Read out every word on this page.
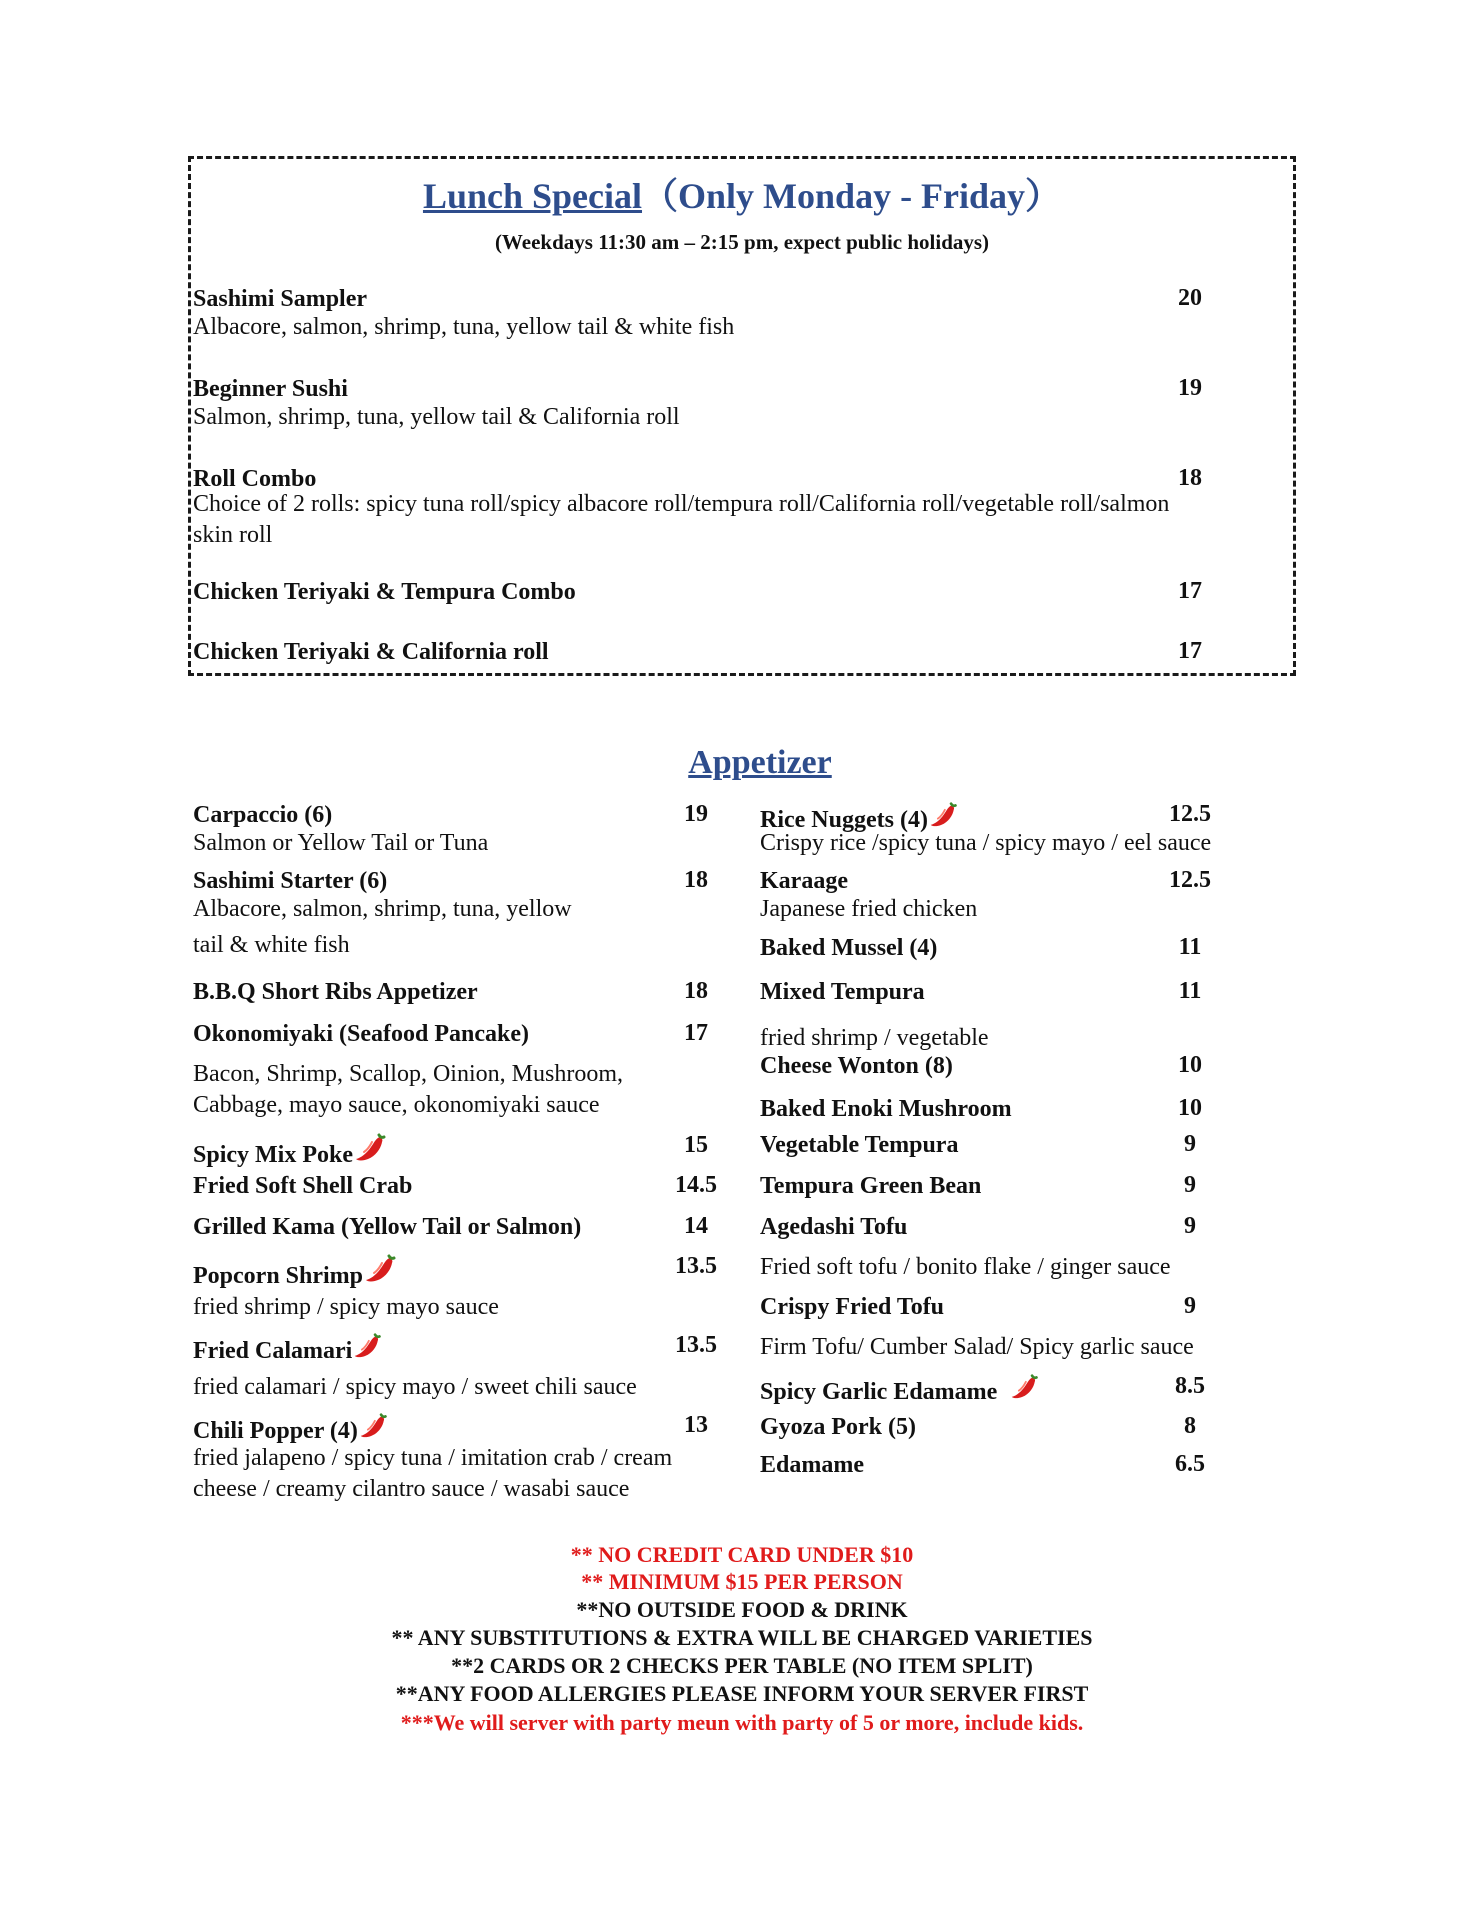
Lunch Special（Only Monday - Friday）
(Weekdays 11:30 am – 2:15 pm, expect public holidays)
Sashimi Sampler	20
Albacore, salmon, shrimp, tuna, yellow tail & white fish
Beginner Sushi	19
Salmon, shrimp, tuna, yellow tail & California roll
Roll Combo	18
Choice of 2 rolls: spicy tuna roll/spicy albacore roll/tempura roll/California roll/vegetable roll/salmon
skin roll
Chicken Teriyaki & Tempura Combo	17
Chicken Teriyaki & California roll	17
Appetizer
Carpaccio (6)	19
Salmon or Yellow Tail or Tuna
Sashimi Starter (6)	18
Albacore, salmon, shrimp, tuna, yellow
tail & white fish
B.B.Q Short Ribs Appetizer	18
Okonomiyaki (Seafood Pancake)	17
Bacon, Shrimp, Scallop, Oinion, Mushroom,
Cabbage, mayo sauce, okonomiyaki sauce
Spicy Mix Poke	15
Fried Soft Shell Crab	14.5
Grilled Kama (Yellow Tail or Salmon)	14
Popcorn Shrimp	13.5
fried shrimp / spicy mayo sauce
Fried Calamari	13.5
fried calamari / spicy mayo / sweet chili sauce
Chili Popper (4)	13
fried jalapeno / spicy tuna / imitation crab / cream
cheese / creamy cilantro sauce / wasabi sauce
Rice Nuggets (4)	12.5
Crispy rice /spicy tuna / spicy mayo / eel sauce
Karaage	12.5
Japanese fried chicken
Baked Mussel (4)	11
Mixed Tempura	11
fried shrimp / vegetable
Cheese Wonton (8)	10
Baked Enoki Mushroom	10
Vegetable Tempura	9
Tempura Green Bean	9
Agedashi Tofu	9
Fried soft tofu / bonito flake / ginger sauce
Crispy Fried Tofu	9
Firm Tofu/ Cumber Salad/ Spicy garlic sauce
Spicy Garlic Edamame	8.5
Gyoza Pork (5)	8
Edamame	6.5
** NO CREDIT CARD UNDER $10
** MINIMUM $15 PER PERSON
**NO OUTSIDE FOOD & DRINK
** ANY SUBSTITUTIONS & EXTRA WILL BE CHARGED VARIETIES
**2 CARDS OR 2 CHECKS PER TABLE (NO ITEM SPLIT)
**ANY FOOD ALLERGIES PLEASE INFORM YOUR SERVER FIRST
***We will server with party meun with party of 5 or more, include kids.
